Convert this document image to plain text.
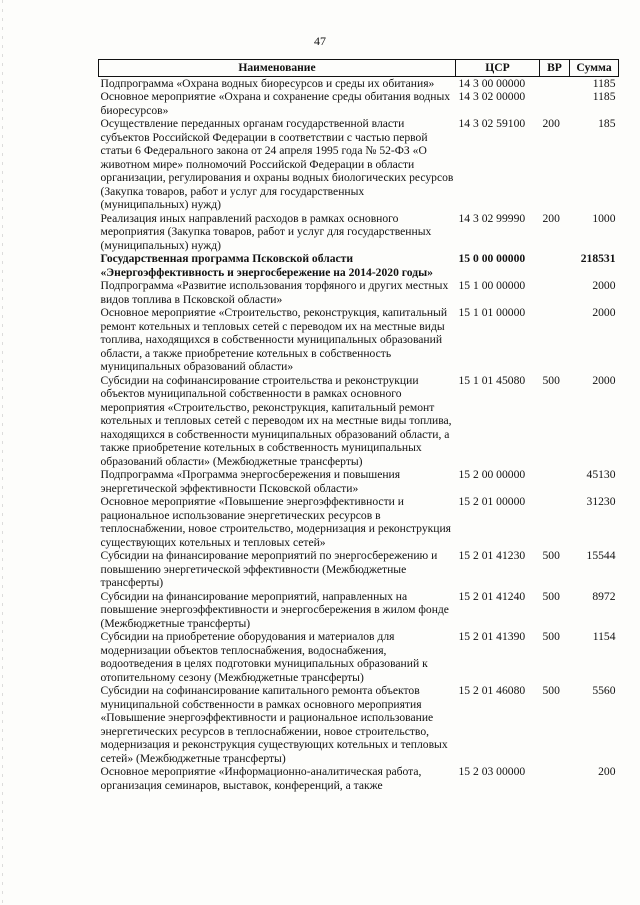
47
Наименование	ЦСР	ВР	Сумма
Подпрограмма «Охрана водных биоресурсов и среды их обитания»	14 3 00 00000		1185
Основное мероприятие «Охрана и сохранение среды обитания водных биоресурсов»	14 3 02 00000		1185
Осуществление переданных органам государственной власти субъектов Российской Федерации в соответствии с частью первой статьи 6 Федерального закона от 24 апреля 1995 года № 52-ФЗ «О животном мире» полномочий Российской Федерации в области организации, регулирования и охраны водных биологических ресурсов (Закупка товаров, работ и услуг для государственных (муниципальных) нужд)	14 3 02 59100	200	185
Реализация иных направлений расходов в рамках основного мероприятия (Закупка товаров, работ и услуг для государственных (муниципальных) нужд)	14 3 02 99990	200	1000
Государственная программа Псковской области «Энергоэффективность и энергосбережение на 2014-2020 годы»	15 0 00 00000		218531
Подпрограмма «Развитие использования торфяного и других местных видов топлива в Псковской области»	15 1 00 00000		2000
Основное мероприятие «Строительство, реконструкция, капитальный ремонт котельных и тепловых сетей с переводом их на местные виды топлива, находящихся в собственности муниципальных образований области, а также приобретение котельных в собственность муниципальных образований области»	15 1 01 00000		2000
Субсидии на софинансирование строительства и реконструкции объектов муниципальной собственности в рамках основного мероприятия «Строительство, реконструкция, капитальный ремонт котельных и тепловых сетей с переводом их на местные виды топлива, находящихся в собственности муниципальных образований области, а также приобретение котельных в собственность муниципальных образований области» (Межбюджетные трансферты)	15 1 01 45080	500	2000
Подпрограмма «Программа энергосбережения и повышения энергетической эффективности Псковской области»	15 2 00 00000		45130
Основное мероприятие «Повышение энергоэффективности и рациональное использование энергетических ресурсов в теплоснабжении, новое строительство, модернизация и реконструкция существующих котельных и тепловых сетей»	15 2 01 00000		31230
Субсидии на финансирование мероприятий по энергосбережению и повышению энергетической эффективности (Межбюджетные трансферты)	15 2 01 41230	500	15544
Субсидии на финансирование мероприятий, направленных на повышение энергоэффективности и энергосбережения в жилом фонде (Межбюджетные трансферты)	15 2 01 41240	500	8972
Субсидии на приобретение оборудования и материалов для модернизации объектов теплоснабжения, водоснабжения, водоотведения в целях подготовки муниципальных образований к отопительному сезону (Межбюджетные трансферты)	15 2 01 41390	500	1154
Субсидии на софинансирование капитального ремонта объектов муниципальной собственности в рамках основного мероприятия «Повышение энергоэффективности и рациональное использование энергетических ресурсов в теплоснабжении, новое строительство, модернизация и реконструкция существующих котельных и тепловых сетей» (Межбюджетные трансферты)	15 2 01 46080	500	5560
Основное мероприятие «Информационно-аналитическая работа, организация семинаров, выставок, конференций, а также	15 2 03 00000		200
